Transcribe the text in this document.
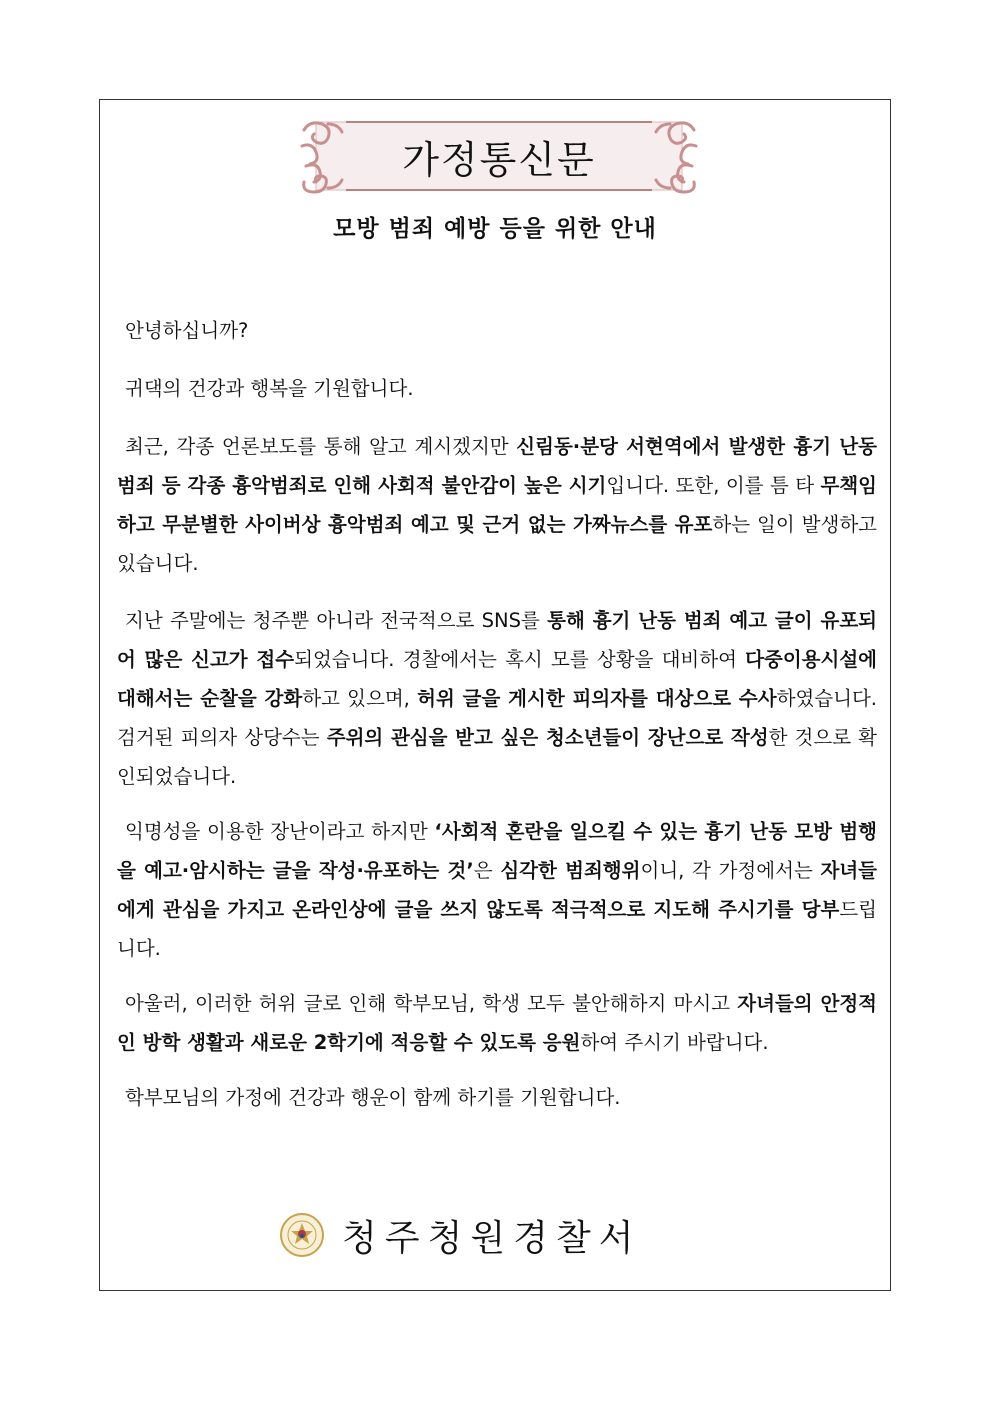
가정통신문
모방 범죄 예방 등을 위한 안내

안녕하십니까?

귀댁의 건강과 행복을 기원합니다.

최근, 각종 언론보도를 통해 알고 계시겠지만 신림동·분당 서현역에서 발생한 흉기 난동 범죄 등 각종 흉악범죄로 인해 사회적 불안감이 높은 시기입니다. 또한, 이를 틈 타 무책임하고 무분별한 사이버상 흉악범죄 예고 및 근거 없는 가짜뉴스를 유포하는 일이 발생하고 있습니다.

지난 주말에는 청주뿐 아니라 전국적으로 SNS를 통해 흉기 난동 범죄 예고 글이 유포되어 많은 신고가 접수되었습니다. 경찰에서는 혹시 모를 상황을 대비하여 다중이용시설에 대해서는 순찰을 강화하고 있으며, 허위 글을 게시한 피의자를 대상으로 수사하였습니다. 검거된 피의자 상당수는 주위의 관심을 받고 싶은 청소년들이 장난으로 작성한 것으로 확인되었습니다.

익명성을 이용한 장난이라고 하지만 ‘사회적 혼란을 일으킬 수 있는 흉기 난동 모방 범행을 예고·암시하는 글을 작성·유포하는 것’은 심각한 범죄행위이니, 각 가정에서는 자녀들에게 관심을 가지고 온라인상에 글을 쓰지 않도록 적극적으로 지도해 주시기를 당부드립니다.

아울러, 이러한 허위 글로 인해 학부모님, 학생 모두 불안해하지 마시고 자녀들의 안정적인 방학 생활과 새로운 2학기에 적응할 수 있도록 응원하여 주시기 바랍니다.

학부모님의 가정에 건강과 행운이 함께 하기를 기원합니다.

청주청원경찰서
